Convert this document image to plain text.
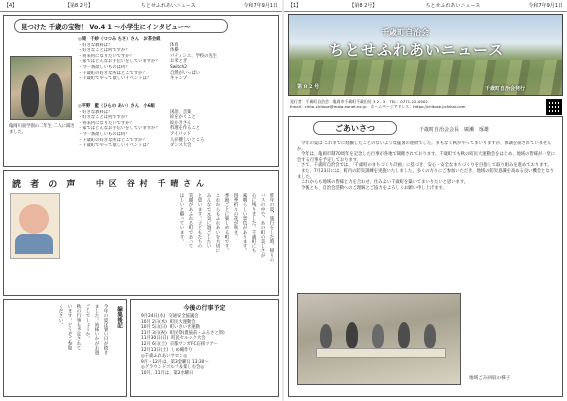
【4】	【第8 2号】	ちとせふれあいニュース	令和7年9月1日
見つけた 千歳の宝物！ Vo.4 1 〜小学生にインタビュー〜
◎堤　千紗（つつみ ちさ）さん　お茶会組
・好きな教科は？	体育
・好きなことは何ですか？	体操
・将来何になりたいですか？	パティシエ、学校の先生
・家ではどんなお手伝いをしていますか？	お米とぎ
・今一番欲しいものは何？	Switch2
・千歳町の好きな所はどこですか？	自然がいっぱい
・千歳町でやって欲しいイベントは？	キャンプ
◎平野　藍（ひらの あい）さん　小6組
・好きな教科は？	国語、音楽
・好きなことは何ですか？	絵をかくこと
・将来何になりたいですか？	絵かきさん
・家ではどんなお手伝いをしていますか？	料理を作ること
・今一番欲しいものは何？	アイパッド
・千歳町の好きな所はどこですか？	人が優しいところ
・千歳町でやって欲しいイベントは？	ダンス大会
亀岡川東学園の二年生 二人に聞きました。
読 者 の 声 中 区　谷 村　千 晴 さ ん
昨年の夏、旅行をした時、帰りの
バスの中で、あの町の美しさが
心に残りました。千歳町にも
素晴らしい景色があります。
四季折々の花が咲き、
季節ごとに楽しめる町です。
これからもふれあいを大切に
みんなで元気に過ごしたい
と思います。子どもたちの
笑顔があふれる町であって
ほしいと願っています。
今年の夏は暑い日が続き
ました。皆様いかがお過
ごしでしょうか。
秋の行事も予定されて
います。どうぞご参加
ください。	編集後記	今後の行事予定
9月24日(水) 交通安全協議会
10月 2日(木) 町民大運動会
10月 5日(日) 町いきいき運動
11月 3日(祝) 町民祭(農協前・ふるさと祭)
11月30日(日) 町民セルック大会
12月 6日(土) 京都サンガFC応援ツアー
12月13日(土) しめ縄作り
◎千歳ふれあいサロン◎
9月・12月は、第3金曜日 13:30〜
◎グラウンドゴルフ＆楽しむ会◎
10月、11月は、第2水曜日
【1】	【第8 2号】	ちとせふれあいニュース	令和7年9月1日
千歳町自治会
ちとせふれあいニュース
第 8 2 号	千歳町自治会発行
発行者：千歳町自治会　亀岡市千歳町千歳田尻 3 2 - 5　TEL：0771-22-0902
Email：chito-chitose@maia.eonet.ne.jp　ホームページアドレス：https://chitose-jichikai.com
ごあいさつ	千歳町自治会会長　廣瀬　琢雄
今年の夏は これまでに経験したことのないような猛暑の連続でした。まもなく秋がやってまいりますが、体調を崩されていませんか。
今年は、亀岡市制70周年を記念した行事が各地で開催されております。千歳町でも秋の町民大運動会をはじめ、地域の皆様が一堂に会する行事を予定しております。
さて、千歳町自治会では、「千歳町のまちづくり計画」に基づき、安心・安全なまちづくりを目指して取り組みを進めております。
また、7月23日には、町内の防災訓練を実施いたしました。多くの方々にご参加いただき、地域の防災意識を高める良い機会となりました。
これからも地域の皆様と力を合わせ、住みよい千歳町を築いてまいりたいと思います。
今後とも、自治会活動へのご理解とご協力をよろしくお願い申し上げます。
地域ごみ回収の様子
